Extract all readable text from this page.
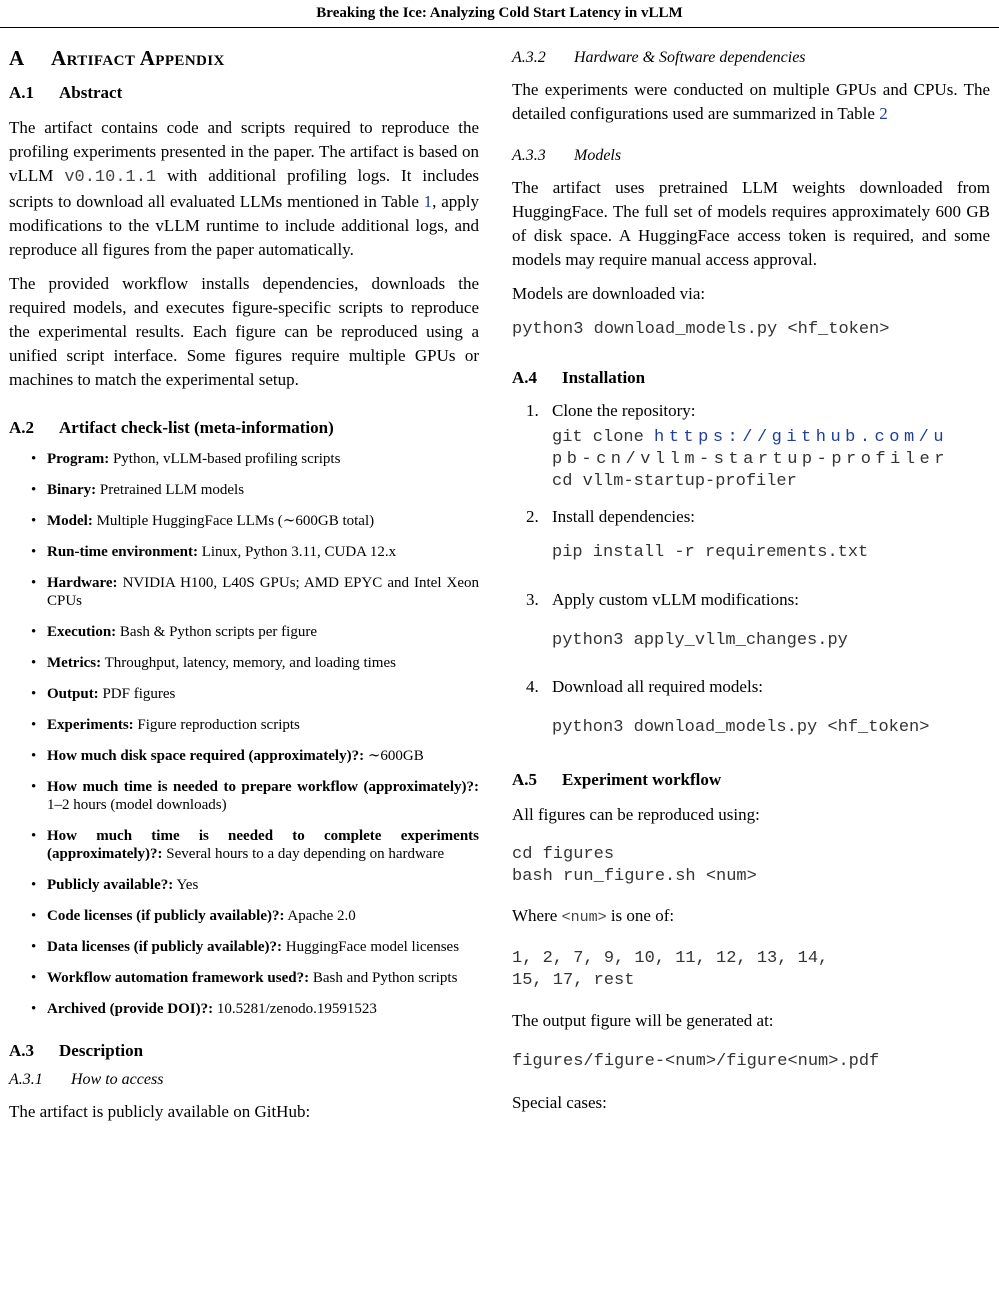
Breaking the Ice: Analyzing Cold Start Latency in vLLM
A Artifact Appendix
A.1 Abstract

The artifact contains code and scripts required to reproduce the profiling experiments presented in the paper. The artifact is based on vLLM v0.10.1.1 with additional profiling logs. It includes scripts to download all evaluated LLMs mentioned in Table 1, apply modifications to the vLLM runtime to include additional logs, and reproduce all figures from the paper automatically.

The provided workflow installs dependencies, downloads the required models, and executes figure-specific scripts to reproduce the experimental results. Each figure can be reproduced using a unified script interface. Some figures require multiple GPUs or machines to match the experimental setup.

A.2 Artifact check-list (meta-information)
• Program: Python, vLLM-based profiling scripts
• Binary: Pretrained LLM models
• Model: Multiple HuggingFace LLMs (∼600GB total)
• Run-time environment: Linux, Python 3.11, CUDA 12.x
• Hardware: NVIDIA H100, L40S GPUs; AMD EPYC and Intel Xeon CPUs
• Execution: Bash & Python scripts per figure
• Metrics: Throughput, latency, memory, and loading times
• Output: PDF figures
• Experiments: Figure reproduction scripts
• How much disk space required (approximately)?: ∼600GB
• How much time is needed to prepare workflow (approximately)?: 1–2 hours (model downloads)
• How much time is needed to complete experiments (approximately)?: Several hours to a day depending on hardware
• Publicly available?: Yes
• Code licenses (if publicly available)?: Apache 2.0
• Data licenses (if publicly available)?: HuggingFace model licenses
• Workflow automation framework used?: Bash and Python scripts
• Archived (provide DOI)?: 10.5281/zenodo.19591523
A.3 Description
A.3.1 How to access

The artifact is publicly available on GitHub:

A.3.2 Hardware & Software dependencies

The experiments were conducted on multiple GPUs and CPUs. The detailed configurations used are summarized in Table 2

A.3.3 Models

The artifact uses pretrained LLM weights downloaded from HuggingFace. The full set of models requires approximately 600 GB of disk space. A HuggingFace access token is required, and some models may require manual access approval.

Models are downloaded via:

python3 download_models.py <hf_token>
A.4 Installation
1. Clone the repository:

git clone https://github.com/u
pb-cn/vllm-startup-profiler
cd vllm-startup-profiler
2. Install dependencies:

pip install -r requirements.txt
3. Apply custom vLLM modifications:

python3 apply_vllm_changes.py
4. Download all required models:

python3 download_models.py <hf_token>
A.5 Experiment workflow

All figures can be reproduced using:

cd figures
bash run_figure.sh <num>

Where <num> is one of:

1, 2, 7, 9, 10, 11, 12, 13, 14,
15, 17, rest

The output figure will be generated at:

figures/figure-<num>/figure<num>.pdf

Special cases:
